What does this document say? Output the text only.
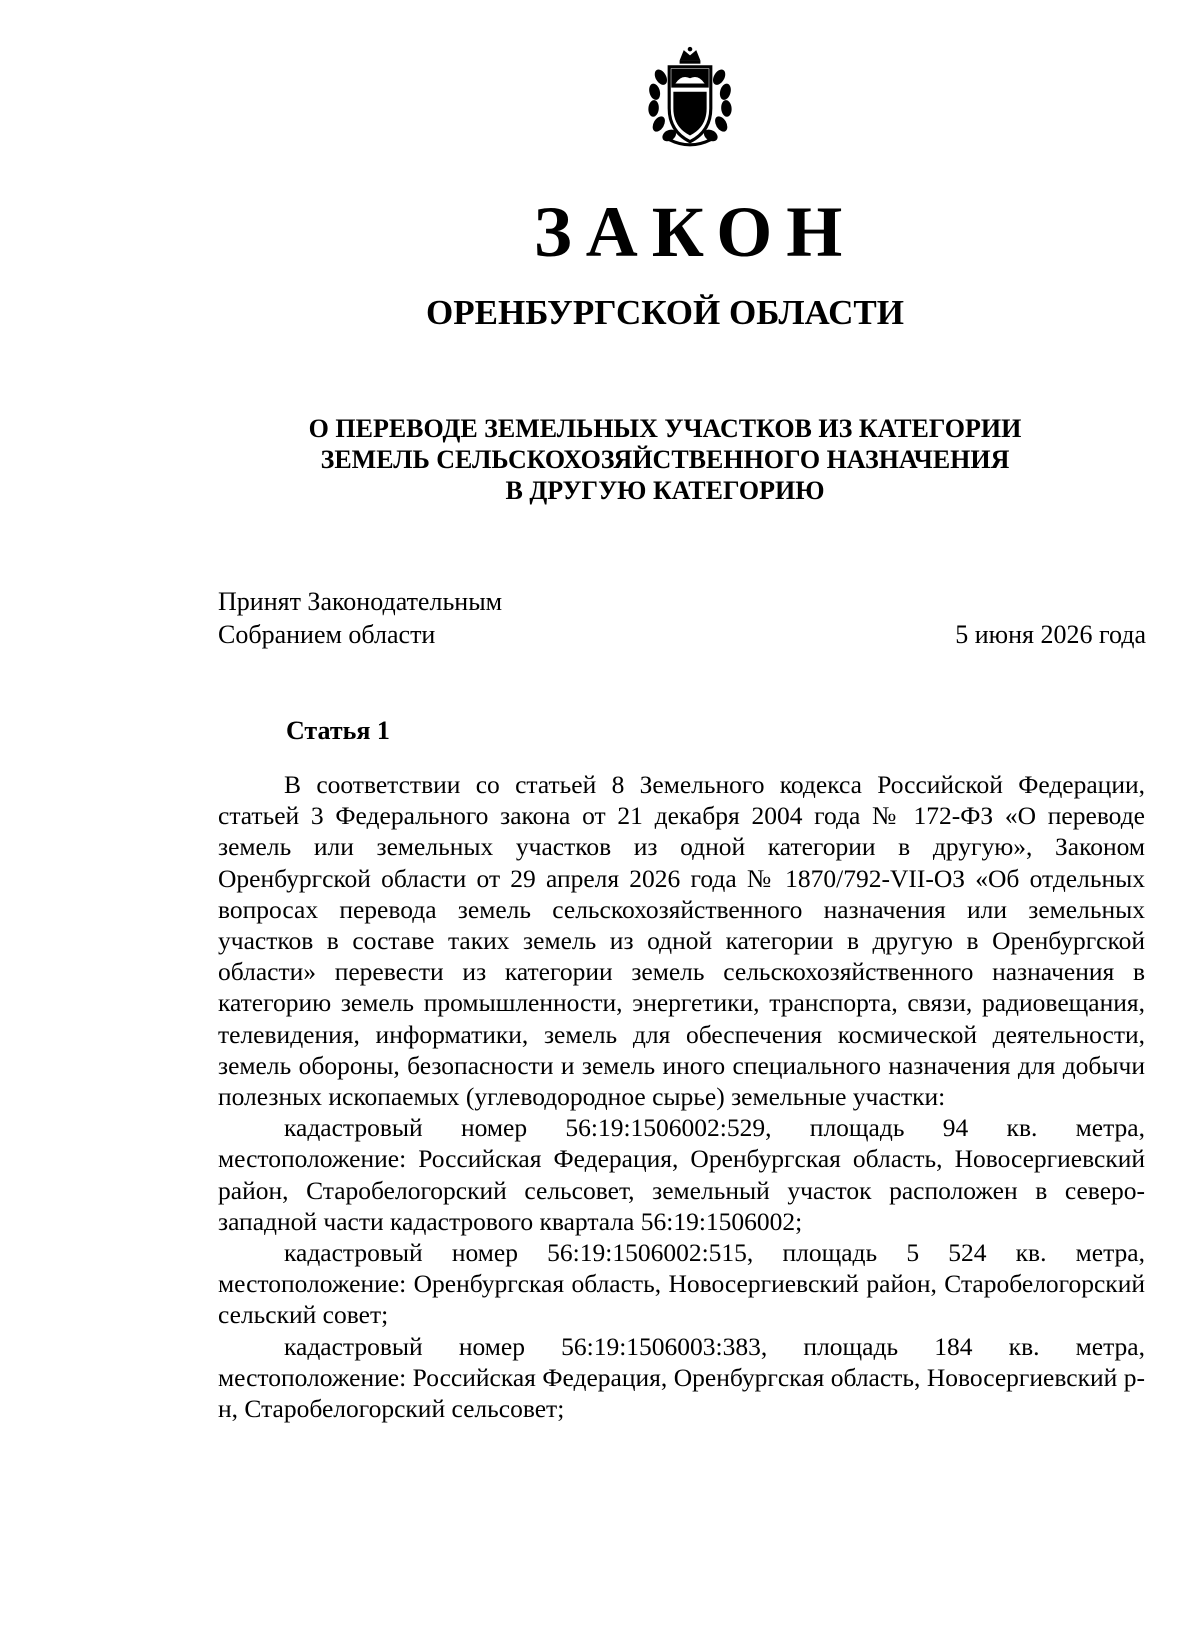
ЗАКОН
ОРЕНБУРГСКОЙ ОБЛАСТИ
О ПЕРЕВОДЕ ЗЕМЕЛЬНЫХ УЧАСТКОВ ИЗ КАТЕГОРИИ
ЗЕМЕЛЬ СЕЛЬСКОХОЗЯЙСТВЕННОГО НАЗНАЧЕНИЯ
В ДРУГУЮ КАТЕГОРИЮ
Принят Законодательным
Собранием области	5 июня 2026 года
Статья 1

В соответствии со статьей 8 Земельного кодекса Российской Федерации, статьей 3 Федерального закона от 21 декабря 2004 года № 172-ФЗ «О переводе земель или земельных участков из одной категории в другую», Законом Оренбургской области от 29 апреля 2026 года № 1870/792-VII-ОЗ «Об отдельных вопросах перевода земель сельскохозяйственного назначения или земельных участков в составе таких земель из одной категории в другую в Оренбургской области» перевести из категории земель сельскохозяйственного назначения в категорию земель промышленности, энергетики, транспорта, связи, радиовещания, телевидения, информатики, земель для обеспечения космической деятельности, земель обороны, безопасности и земель иного специального назначения для добычи полезных ископаемых (углеводородное сырье) земельные участки:

кадастровый номер 56:19:1506002:529, площадь 94 кв. метра, местоположение: Российская Федерация, Оренбургская область, Новосергиевский район, Старобелогорский сельсовет, земельный участок расположен в северо-западной части кадастрового квартала 56:19:1506002;

кадастровый номер 56:19:1506002:515, площадь 5 524 кв. метра, местоположение: Оренбургская область, Новосергиевский район, Старобелогорский сельский совет;

кадастровый номер 56:19:1506003:383, площадь 184 кв. метра, местоположение: Российская Федерация, Оренбургская область, Новосергиевский р-н, Старобелогорский сельсовет;
